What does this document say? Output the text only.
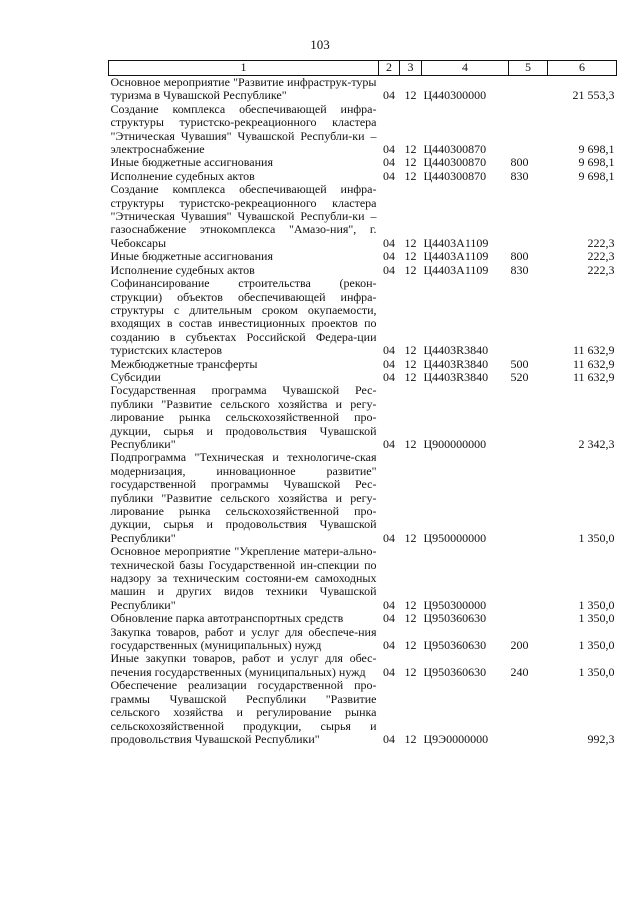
103
1	2	3	4	5	6
Основное мероприятие "Развитие инфраструк-туры туризма в Чувашской Республике"	04	12	Ц440300000		21 553,3
Создание комплекса обеспечивающей инфра-структуры туристско-рекреационного кластера "Этническая Чувашия" Чувашской Республи-ки – электроснабжение	04	12	Ц440300870		9 698,1
Иные бюджетные ассигнования	04	12	Ц440300870	800	9 698,1
Исполнение судебных актов	04	12	Ц440300870	830	9 698,1
Создание комплекса обеспечивающей инфра-структуры туристско-рекреационного кластера "Этническая Чувашия" Чувашской Республи-ки – газоснабжение этнокомплекса "Амазо-ния", г. Чебоксары	04	12	Ц4403А1109		222,3
Иные бюджетные ассигнования	04	12	Ц4403А1109	800	222,3
Исполнение судебных актов	04	12	Ц4403А1109	830	222,3
Софинансирование строительства (рекон-струкции) объектов обеспечивающей инфра-структуры с длительным сроком окупаемости, входящих в состав инвестиционных проектов по созданию в субъектах Российской Федера-ции туристских кластеров	04	12	Ц4403R3840		11 632,9
Межбюджетные трансферты	04	12	Ц4403R3840	500	11 632,9
Субсидии	04	12	Ц4403R3840	520	11 632,9
Государственная программа Чувашской Рес-публики "Развитие сельского хозяйства и регу-лирование рынка сельскохозяйственной про-дукции, сырья и продовольствия Чувашской Республики"	04	12	Ц900000000		2 342,3
Подпрограмма "Техническая и технологиче-ская модернизация, инновационное развитие" государственной программы Чувашской Рес-публики "Развитие сельского хозяйства и регу-лирование рынка сельскохозяйственной про-дукции, сырья и продовольствия Чувашской Республики"	04	12	Ц950000000		1 350,0
Основное мероприятие "Укрепление матери-ально-технической базы Государственной ин-спекции по надзору за техническим состояни-ем самоходных машин и других видов техники Чувашской Республики"	04	12	Ц950300000		1 350,0
Обновление парка автотранспортных средств	04	12	Ц950360630		1 350,0
Закупка товаров, работ и услуг для обеспече-ния государственных (муниципальных) нужд	04	12	Ц950360630	200	1 350,0
Иные закупки товаров, работ и услуг для обес-печения государственных (муниципальных) нужд	04	12	Ц950360630	240	1 350,0
Обеспечение реализации государственной про-граммы Чувашской Республики "Развитие сельского хозяйства и регулирование рынка сельскохозяйственной продукции, сырья и продовольствия Чувашской Республики"	04	12	Ц9Э0000000		992,3
